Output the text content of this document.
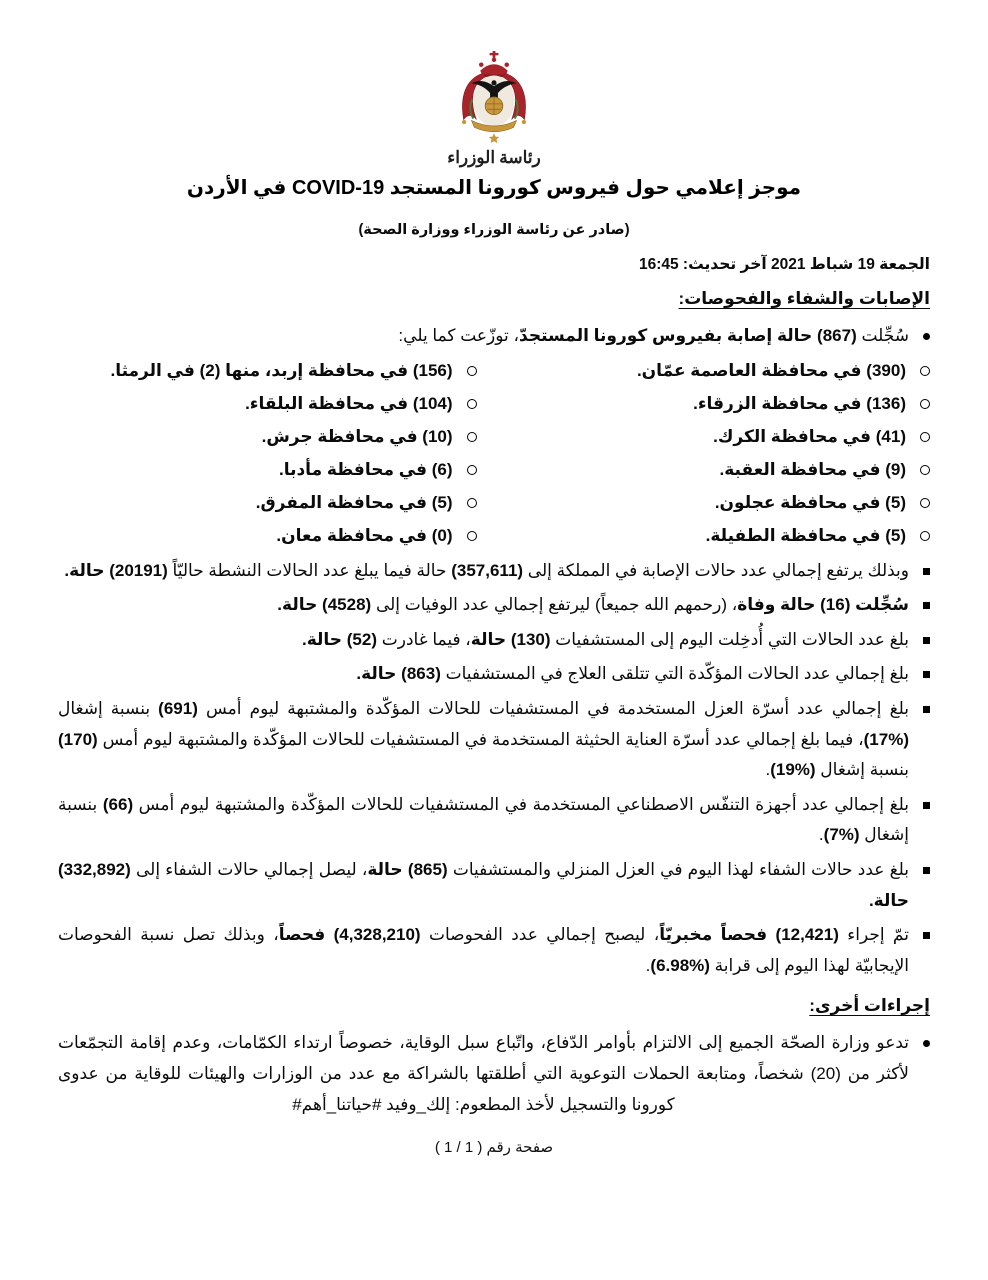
رئاسة الوزراء
موجز إعلامي حول فيروس كورونا المستجد COVID-19 في الأردن
(صادر عن رئاسة الوزراء ووزارة الصحة)
الجمعة 19 شباط 2021 آخر تحديث: 16:45
الإصابات والشفاء والفحوصات:
سُجِّلت (867) حالة إصابة بفيروس كورونا المستجدّ، توزّعت كما يلي:
(390) في محافظة العاصمة عمّان.
(136) في محافظة الزرقاء.
(41) في محافظة الكرك.
(9) في محافظة العقبة.
(5) في محافظة عجلون.
(5) في محافظة الطفيلة.
(156) في محافظة إربد، منها (2) في الرمثا.
(104) في محافظة البلقاء.
(10) في محافظة جرش.
(6) في محافظة مأدبا.
(5) في محافظة المفرق.
(0) في محافظة معان.
وبذلك يرتفع إجمالي عدد حالات الإصابة في المملكة إلى (357,611) حالة فيما يبلغ عدد الحالات النشطة حاليّاً (20191) حالة.
سُجِّلت (16) حالة وفاة، (رحمهم الله جميعاً) ليرتفع إجمالي عدد الوفيات إلى (4528) حالة.
بلغ عدد الحالات التي أُدخِلت اليوم إلى المستشفيات (130) حالة، فيما غادرت (52) حالة.
بلغ إجمالي عدد الحالات المؤكّدة التي تتلقى العلاج في المستشفيات (863) حالة.
بلغ إجمالي عدد أسرّة العزل المستخدمة في المستشفيات للحالات المؤكّدة والمشتبهة ليوم أمس (691) بنسبة إشغال (%17)، فيما بلغ إجمالي عدد أسرّة العناية الحثيثة المستخدمة في المستشفيات للحالات المؤكّدة والمشتبهة ليوم أمس (170) بنسبة إشغال (%19).
بلغ إجمالي عدد أجهزة التنفّس الاصطناعي المستخدمة في المستشفيات للحالات المؤكّدة والمشتبهة ليوم أمس (66) بنسبة إشغال (%7).
بلغ عدد حالات الشفاء لهذا اليوم في العزل المنزلي والمستشفيات (865) حالة، ليصل إجمالي حالات الشفاء إلى (332,892) حالة.
تمّ إجراء (12,421) فحصاً مخبريّاً، ليصبح إجمالي عدد الفحوصات (4,328,210) فحصاً، وبذلك تصل نسبة الفحوصات الإيجابيّة لهذا اليوم إلى قرابة (%6.98).
إجراءات أخرى:
تدعو وزارة الصحّة الجميع إلى الالتزام بأوامر الدّفاع، واتّباع سبل الوقاية، خصوصاً ارتداء الكمّامات، وعدم إقامة التجمّعات لأكثر من (20) شخصاً، ومتابعة الحملات التوعوية التي أطلقتها بالشراكة مع عدد من الوزارات والهيئات للوقاية من عدوى كورونا والتسجيل لأخذ المطعوم: #إلك_وفيد #حياتنا_أهم
صفحة رقم ( 1 / 1 )
